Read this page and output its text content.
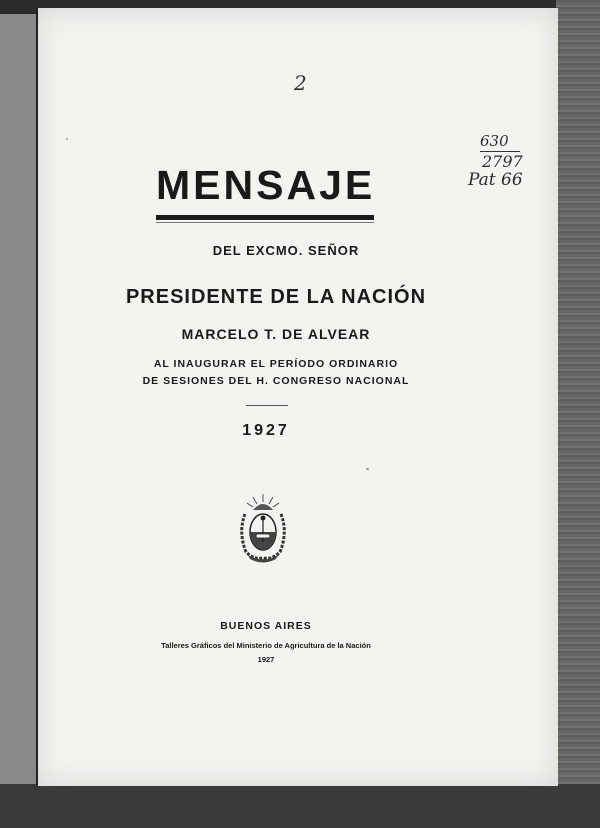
2
630
2797
Pat 66
MENSAJE
DEL EXCMO. SEÑOR
PRESIDENTE DE LA NACIÓN
MARCELO T. DE ALVEAR
AL INAUGURAR EL PERÍODO ORDINARIO
DE SESIONES DEL H. CONGRESO NACIONAL
1927
BUENOS AIRES
Talleres Gráficos del Ministerio de Agricultura de la Nación
1927
